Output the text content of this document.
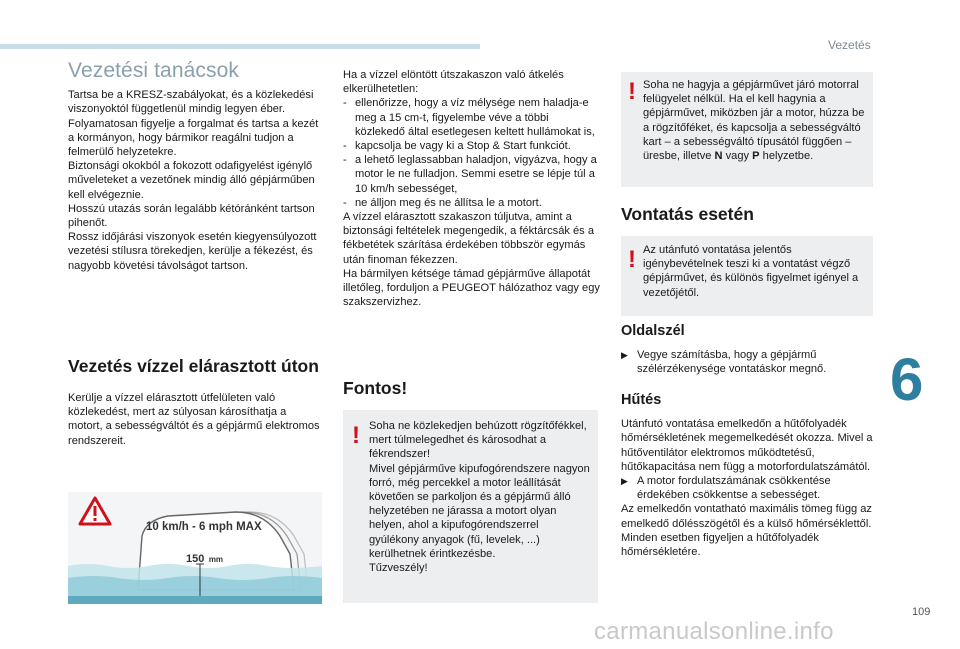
Vezetés
Vezetési tanácsok

Tartsa be a KRESZ-szabályokat, és a közlekedési viszonyoktól függetlenül mindig legyen éber.

Folyamatosan figyelje a forgalmat és tartsa a kezét a kormányon, hogy bármikor reagálni tudjon a felmerülő helyzetekre.

Biztonsági okokból a fokozott odafigyelést igénylő műveleteket a vezetőnek mindig álló gépjárműben kell elvégeznie.

Hosszú utazás során legalább kétóránként tartson pihenőt.

Rossz időjárási viszonyok esetén kiegyensúlyozott vezetési stílusra törekedjen, kerülje a fékezést, és nagyobb követési távolságot tartson.

Vezetés vízzel elárasztott úton

Kerülje a vízzel elárasztott útfelületen való közlekedést, mert az súlyosan károsíthatja a motort, a sebességváltót és a gépjármű elektromos rendszereit.

10 km/h - 6 mph MAX
150 mm

Ha a vízzel elöntött útszakaszon való átkelés elkerülhetetlen:

- ellenőrizze, hogy a víz mélysége nem haladja-e meg a 15 cm-t, figyelembe véve a többi közlekedő által esetlegesen keltett hullámokat is,
- kapcsolja be vagy ki a Stop & Start funkciót.
- a lehető leglassabban haladjon, vigyázva, hogy a motor le ne fulladjon. Semmi esetre se lépje túl a 10 km/h sebességet,
- ne álljon meg és ne állítsa le a motort.

A vízzel elárasztott szakaszon túljutva, amint a biztonsági feltételek megengedik, a féktárcsák és a fékbetétek szárítása érdekében többször egymás után finoman fékezzen.

Ha bármilyen kétsége támad gépjárműve állapotát illetőleg, forduljon a PEUGEOT hálózathoz vagy egy szakszervizhez.

Fontos!
! Soha ne közlekedjen behúzott rögzítőfékkel, mert túlmelegedhet és károsodhat a fékrendszer!

Mivel gépjárműve kipufogórendszere nagyon forró, még percekkel a motor leállítását követően se parkoljon és a gépjármű álló helyzetében ne járassa a motort olyan helyen, ahol a kipufogórendszerrel gyúlékony anyagok (fű, levelek, ...) kerülhetnek érintkezésbe.

Tűzveszély!

! Soha ne hagyja a gépjárművet járó motorral felügyelet nélkül. Ha el kell hagynia a gépjárművet, miközben jár a motor, húzza be a rögzítőféket, és kapcsolja a sebességváltó kart – a sebességváltó típusától függően – üresbe, illetve N vagy P helyzetbe.
Vontatás esetén
! Az utánfutó vontatása jelentős igénybevételnek teszi ki a vontatást végző gépjárművet, és különös figyelmet igényel a vezetőjétől.
Oldalszél
▶ Vegye számításba, hogy a gépjármű szélérzékenysége vontatáskor megnő.
Hűtés

Utánfutó vontatása emelkedőn a hűtőfolyadék hőmérsékletének megemelkedését okozza. Mivel a hűtőventilátor elektromos működtetésű, hűtőkapacitása nem függ a motorfordulatszámától.

▶ A motor fordulatszámának csökkentése érdekében csökkentse a sebességet.

Az emelkedőn vontatható maximális tömeg függ az emelkedő dőlésszögétől és a külső hőmérséklettől.

Minden esetben figyeljen a hűtőfolyadék hőmérsékletére.

6
109
carmanualsonline.info
